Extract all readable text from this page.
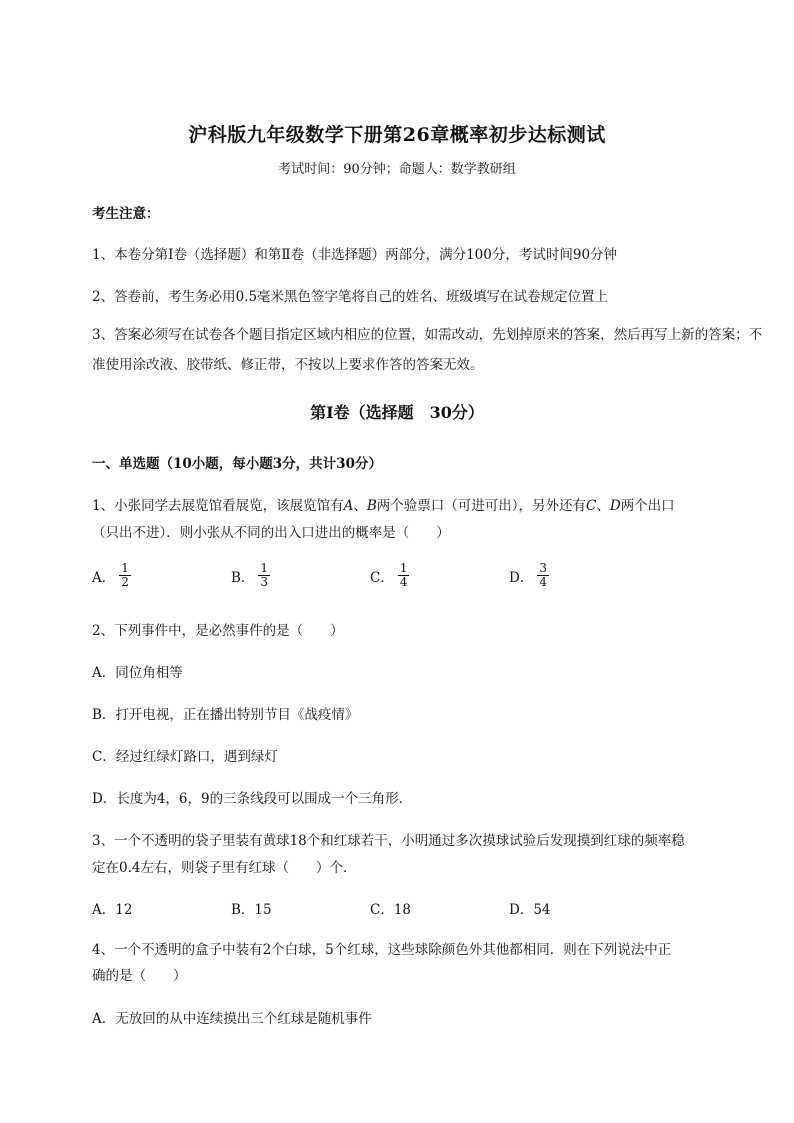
沪科版九年级数学下册第26章概率初步达标测试
考试时间：90分钟；命题人：数学教研组
考生注意：
1、本卷分第I卷（选择题）和第Ⅱ卷（非选择题）两部分，满分100分，考试时间90分钟
2、答卷前，考生务必用0.5毫米黑色签字笔将自己的姓名、班级填写在试卷规定位置上
3、答案必须写在试卷各个题目指定区域内相应的位置，如需改动，先划掉原来的答案，然后再写上新的答案；不准使用涂改液、胶带纸、修正带，不按以上要求作答的答案无效。
第I卷（选择题　30分）
一、单选题（10小题，每小题3分，共计30分）
1、小张同学去展览馆看展览，该展览馆有A、B两个验票口（可进可出），另外还有C、D两个出口
（只出不进）．则小张从不同的出入口进出的概率是（　　）
A． $\frac{1}{2}$	B． $\frac{1}{3}$	C． $\frac{1}{4}$	D． $\frac{3}{4}$
2、下列事件中，是必然事件的是（　　）
A．同位角相等
B．打开电视，正在播出特别节目《战疫情》
C．经过红绿灯路口，遇到绿灯
D．长度为4，6，9的三条线段可以围成一个三角形．
3、一个不透明的袋子里装有黄球18个和红球若干，小明通过多次摸球试验后发现摸到红球的频率稳
定在0.4左右，则袋子里有红球（　　）个．
A．12	B．15	C．18	D．54
4、一个不透明的盒子中装有2个白球，5个红球，这些球除颜色外其他都相同．则在下列说法中正
确的是（　　）
A．无放回的从中连续摸出三个红球是随机事件
